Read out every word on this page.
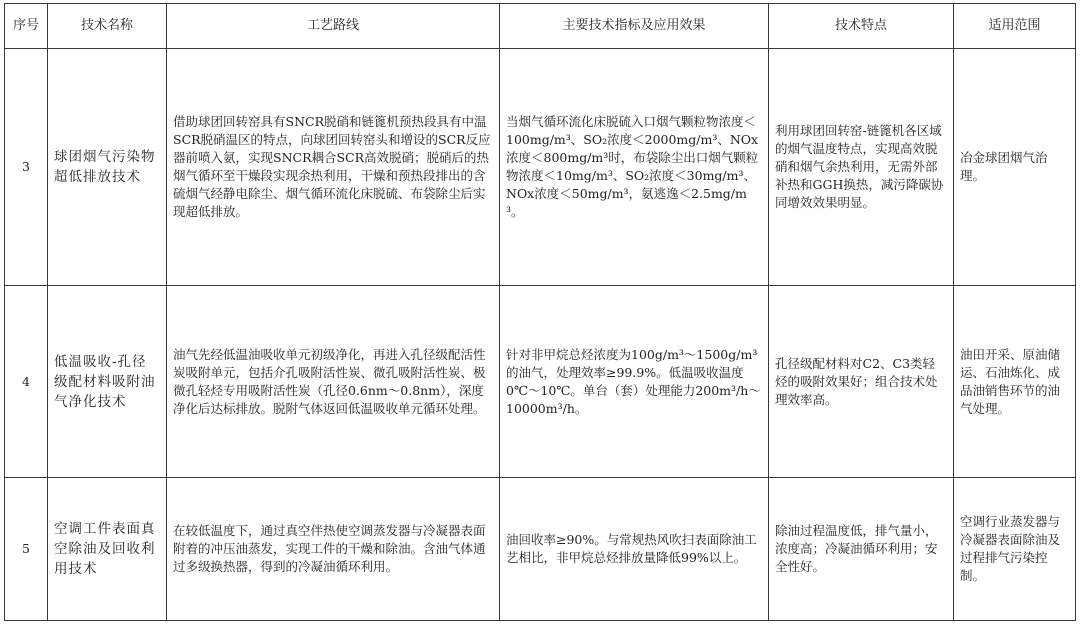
序号	技术名称	工艺路线	主要技术指标及应用效果	技术特点	适用范围
3	球团烟气污染物超低排放技术	借助球团回转窑具有SNCR脱硝和链篦机预热段具有中温SCR脱硝温区的特点，向球团回转窑头和增设的SCR反应器前喷入氨，实现SNCR耦合SCR高效脱硝；脱硝后的热烟气循环至干燥段实现余热利用，干燥和预热段排出的含硫烟气经静电除尘、烟气循环流化床脱硫、布袋除尘后实现超低排放。	当烟气循环流化床脱硫入口烟气颗粒物浓度＜100mg/m³、SO₂浓度＜2000mg/m³、NOx浓度＜800mg/m³时，布袋除尘出口烟气颗粒物浓度＜10mg/m³、SO₂浓度＜30mg/m³、NOx浓度＜50mg/m³，氨逃逸＜2.5mg/m³。	利用球团回转窑-链篦机各区域的烟气温度特点，实现高效脱硝和烟气余热利用，无需外部补热和GGH换热，减污降碳协同增效效果明显。	冶金球团烟气治理。
4	低温吸收-孔径级配材料吸附油气净化技术	油气先经低温油吸收单元初级净化，再进入孔径级配活性炭吸附单元，包括介孔吸附活性炭、微孔吸附活性炭、极微孔轻烃专用吸附活性炭（孔径0.6nm～0.8nm），深度净化后达标排放。脱附气体返回低温吸收单元循环处理。	针对非甲烷总烃浓度为100g/m³～1500g/m³的油气，处理效率≥99.9%。低温吸收温度0℃～10℃。单台（套）处理能力200m³/h～10000m³/h。	孔径级配材料对C2、C3类轻烃的吸附效果好；组合技术处理效率高。	油田开采、原油储运、石油炼化、成品油销售环节的油气处理。
5	空调工件表面真空除油及回收利用技术	在较低温度下，通过真空伴热使空调蒸发器与冷凝器表面附着的冲压油蒸发，实现工件的干燥和除油。含油气体通过多级换热器，得到的冷凝油循环利用。	油回收率≥90%。与常规热风吹扫表面除油工艺相比，非甲烷总烃排放量降低99%以上。	除油过程温度低，排气量小，浓度高；冷凝油循环利用；安全性好。	空调行业蒸发器与冷凝器表面除油及过程排气污染控制。
